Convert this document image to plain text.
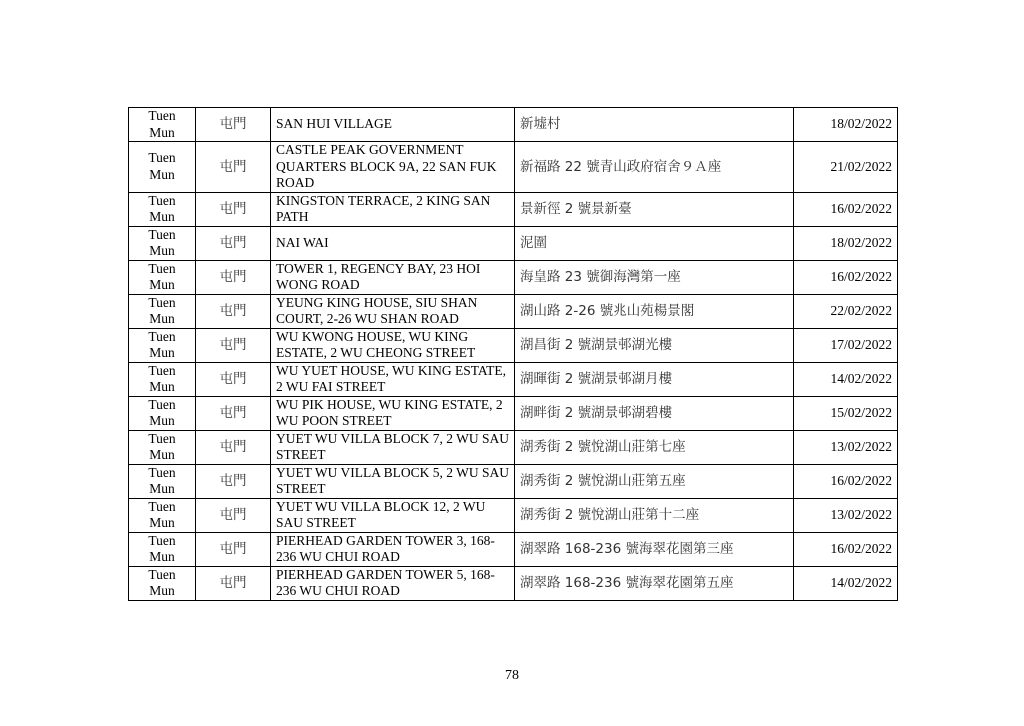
Tuen Mun	屯門	SAN HUI VILLAGE	新墟村	18/02/2022
Tuen Mun	屯門	CASTLE PEAK GOVERNMENT QUARTERS BLOCK 9A, 22 SAN FUK ROAD	新福路 22 號青山政府宿舍９Ａ座	21/02/2022
Tuen Mun	屯門	KINGSTON TERRACE, 2 KING SAN PATH	景新徑 2 號景新臺	16/02/2022
Tuen Mun	屯門	NAI WAI	泥圍	18/02/2022
Tuen Mun	屯門	TOWER 1, REGENCY BAY, 23 HOI WONG ROAD	海皇路 23 號御海灣第一座	16/02/2022
Tuen Mun	屯門	YEUNG KING HOUSE, SIU SHAN COURT, 2-26 WU SHAN ROAD	湖山路 2-26 號兆山苑楊景閣	22/02/2022
Tuen Mun	屯門	WU KWONG HOUSE, WU KING ESTATE, 2 WU CHEONG STREET	湖昌街 2 號湖景邨湖光樓	17/02/2022
Tuen Mun	屯門	WU YUET HOUSE, WU KING ESTATE, 2 WU FAI STREET	湖暉街 2 號湖景邨湖月樓	14/02/2022
Tuen Mun	屯門	WU PIK HOUSE, WU KING ESTATE, 2 WU POON STREET	湖畔街 2 號湖景邨湖碧樓	15/02/2022
Tuen Mun	屯門	YUET WU VILLA BLOCK 7, 2 WU SAU STREET	湖秀街 2 號悅湖山莊第七座	13/02/2022
Tuen Mun	屯門	YUET WU VILLA BLOCK 5, 2 WU SAU STREET	湖秀街 2 號悅湖山莊第五座	16/02/2022
Tuen Mun	屯門	YUET WU VILLA BLOCK 12, 2 WU SAU STREET	湖秀街 2 號悅湖山莊第十二座	13/02/2022
Tuen Mun	屯門	PIERHEAD GARDEN TOWER 3, 168-236 WU CHUI ROAD	湖翠路 168-236 號海翠花園第三座	16/02/2022
Tuen Mun	屯門	PIERHEAD GARDEN TOWER 5, 168-236 WU CHUI ROAD	湖翠路 168-236 號海翠花園第五座	14/02/2022
78
